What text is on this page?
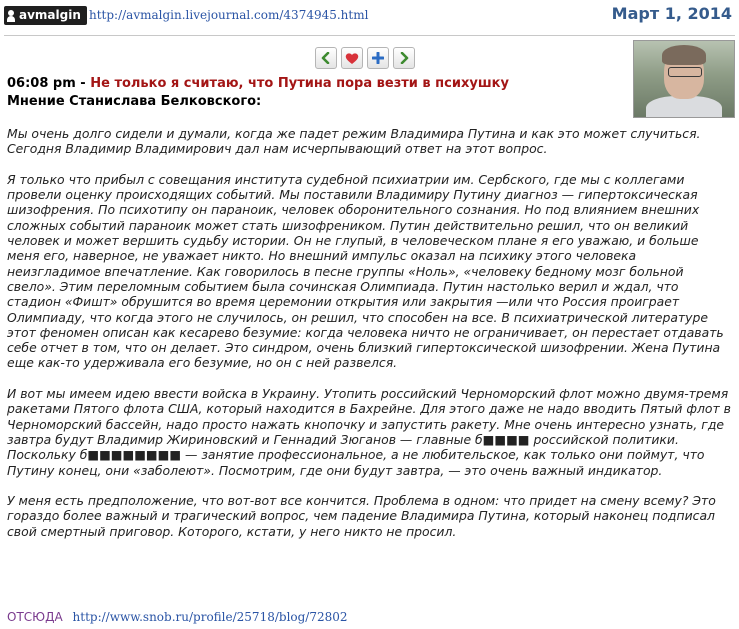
avmalgin http://avmalgin.livejournal.com/4374945.html	Март 1, 2014
06:08 pm - Не только я считаю, что Путина пора везти в психушку
Мнение Станислава Белковского:

Мы очень долго сидели и думали, когда же падет режим Владимира Путина и как это может случиться. Сегодня Владимир Владимирович дал нам исчерпывающий ответ на этот вопрос.

Я только что прибыл с совещания института судебной психиатрии им. Сербского, где мы с коллегами провели оценку происходящих событий. Мы поставили Владимиру Путину диагноз — гипертоксическая шизофрения. По психотипу он параноик, человек оборонительного сознания. Но под влиянием внешних сложных событий параноик может стать шизофреником. Путин действительно решил, что он великий человек и может вершить судьбу истории. Он не глупый, в человеческом плане я его уважаю, и больше меня его, наверное, не уважает никто. Но внешний импульс оказал на психику этого человека неизгладимое впечатление. Как говорилось в песне группы «Ноль», «человеку бедному мозг больной свело». Этим переломным событием была сочинская Олимпиада. Путин настолько верил и ждал, что стадион «Фишт» обрушится во время церемонии открытия или закрытия —или что Россия проиграет Олимпиаду, что когда этого не случилось, он решил, что способен на все. В психиатрической литературе этот феномен описан как кесарево безумие: когда человека ничто не ограничивает, он перестает отдавать себе отчет в том, что он делает. Это синдром, очень близкий гипертоксической шизофрении. Жена Путина еще как-то удерживала его безумие, но он с ней развелся.

И вот мы имеем идею ввести войска в Украину. Утопить российский Черноморский флот можно двумя-тремя ракетами Пятого флота США, который находится в Бахрейне. Для этого даже не надо вводить Пятый флот в Черноморский бассейн, надо просто нажать кнопочку и запустить ракету. Мне очень интересно узнать, где завтра будут Владимир Жириновский и Геннадий Зюганов — главные б■■■■ российской политики. Поскольку б■■■■■■■■ — занятие профессиональное, а не любительское, как только они поймут, что Путину конец, они «заболеют». Посмотрим, где они будут завтра, — это очень важный индикатор.

У меня есть предположение, что вот-вот все кончится. Проблема в одном: что придет на смену всему? Это гораздо более важный и трагический вопрос, чем падение Владимира Путина, который наконец подписал свой смертный приговор. Которого, кстати, у него никто не просил.

ОТСЮДА http://www.snob.ru/profile/25718/blog/72802
